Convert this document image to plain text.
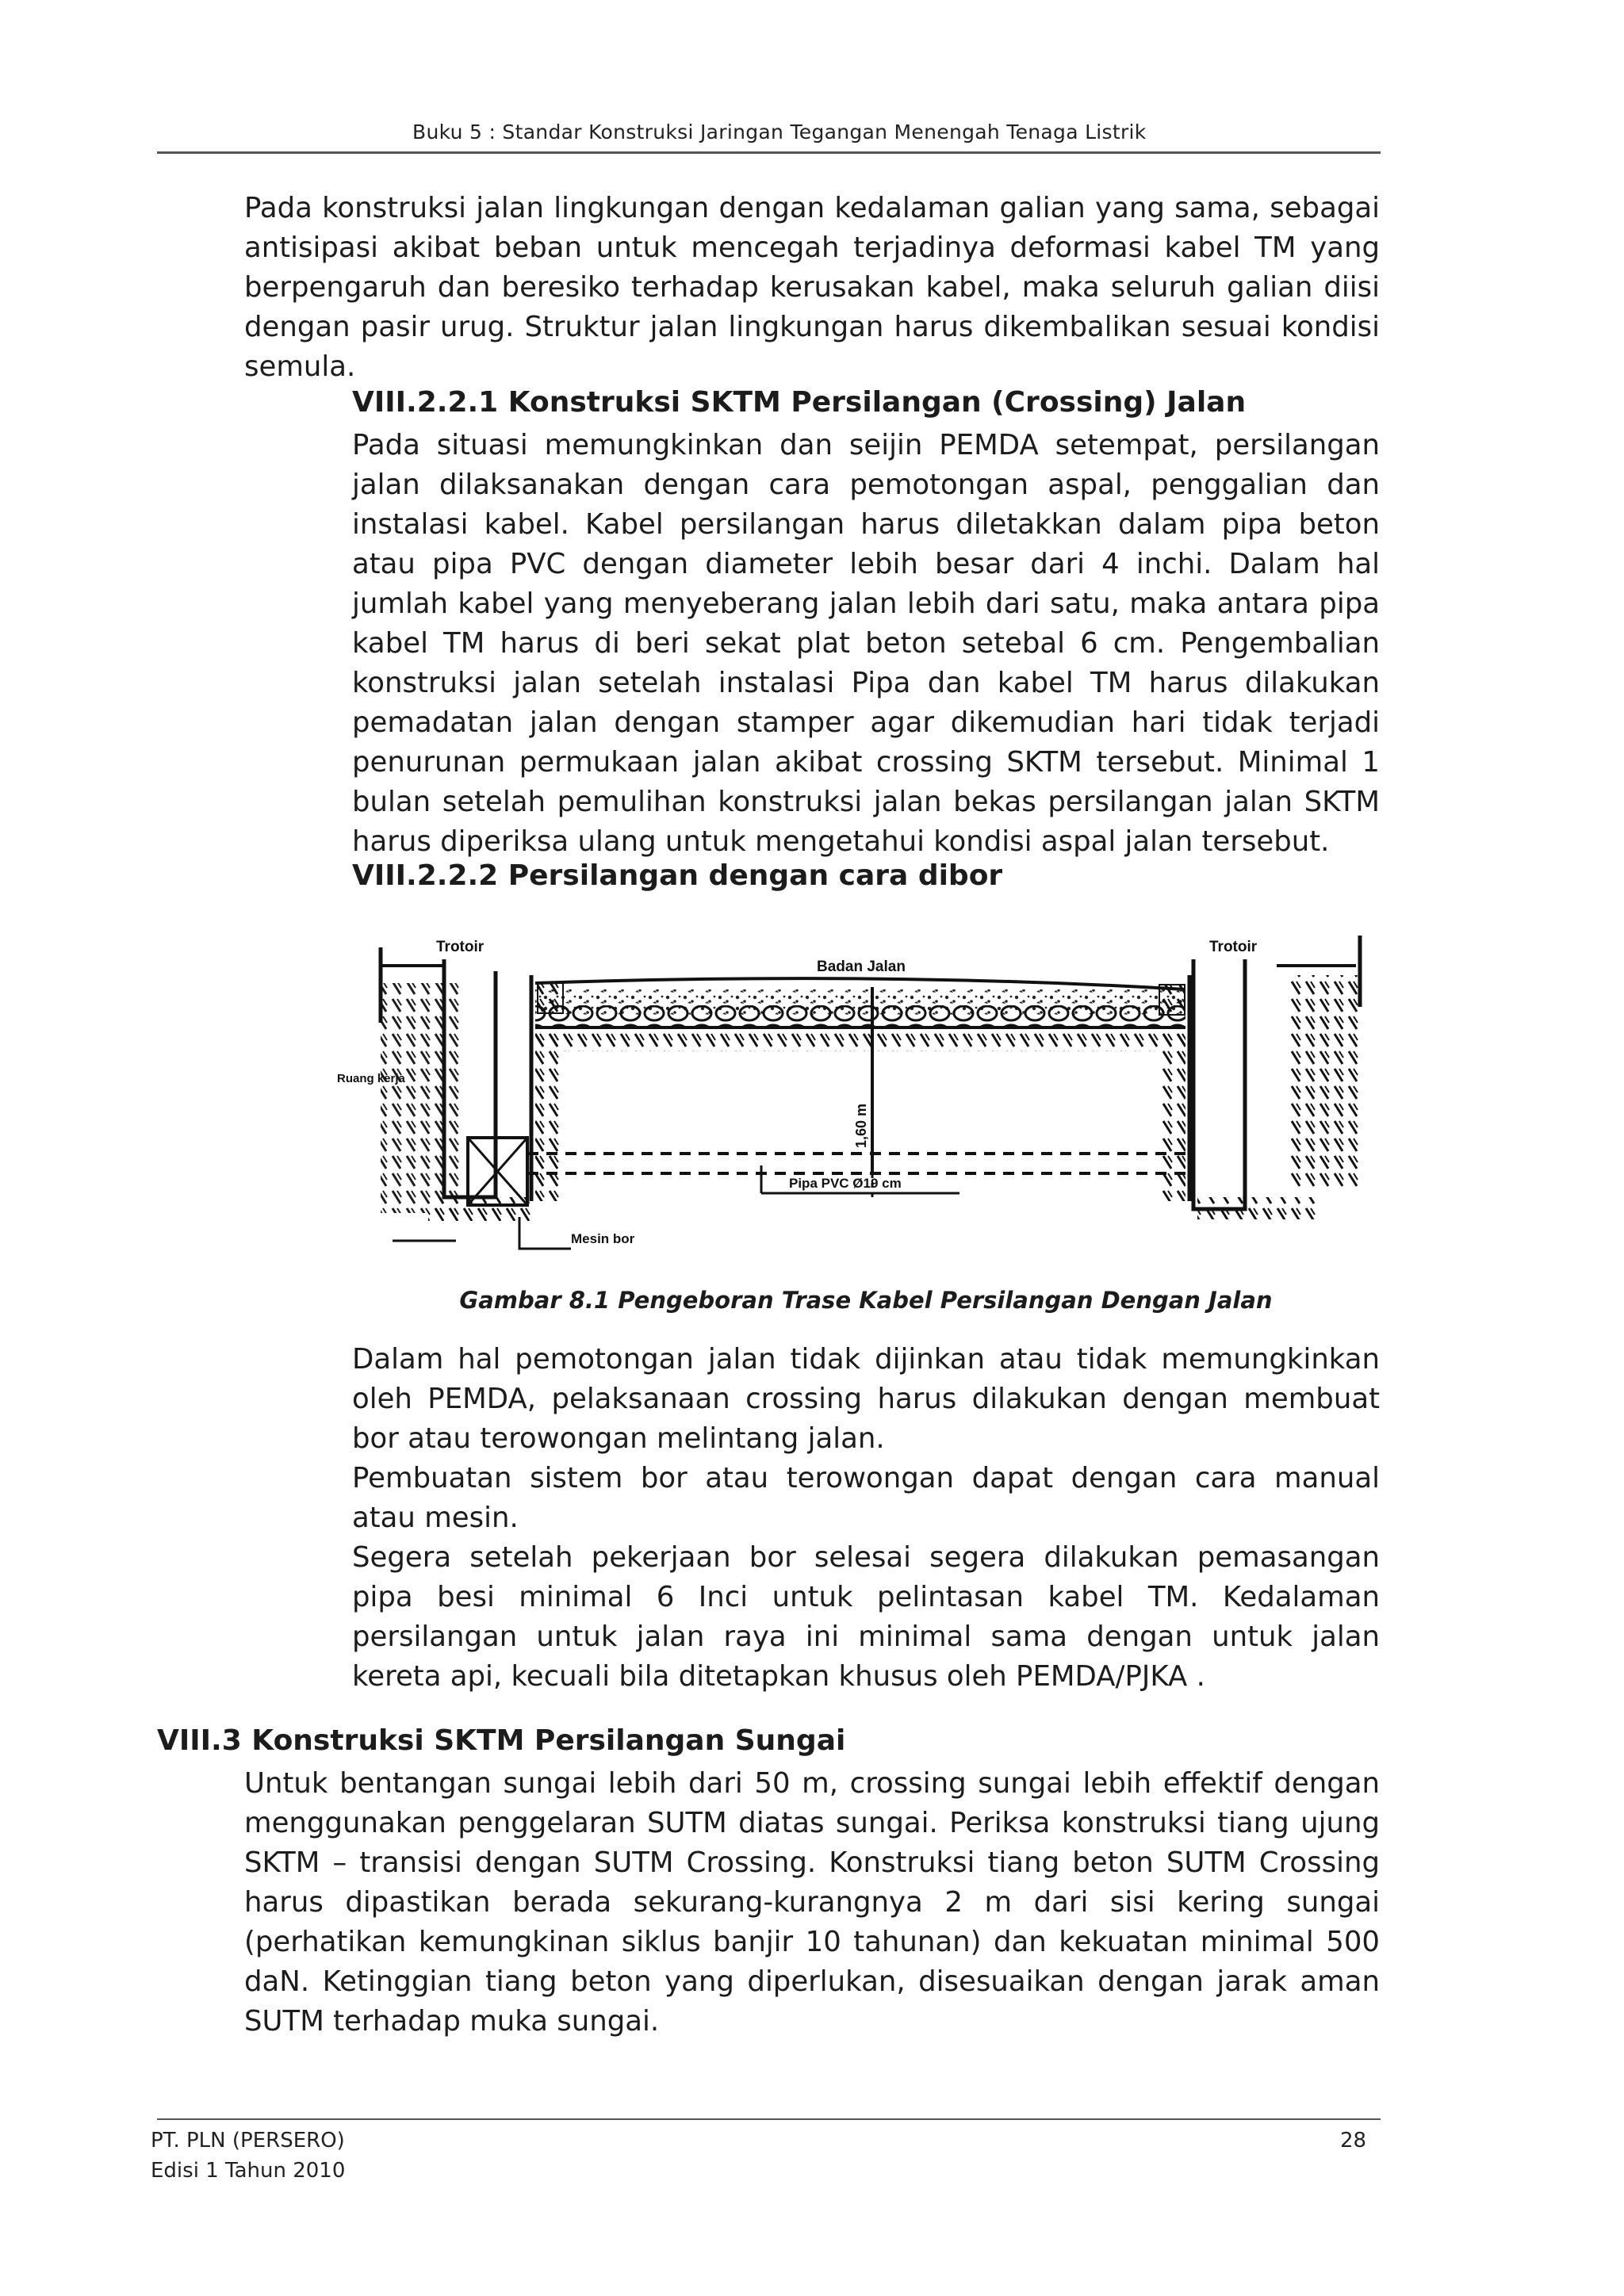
Buku 5 : Standar Konstruksi Jaringan Tegangan Menengah Tenaga Listrik
Pada konstruksi jalan lingkungan dengan kedalaman galian yang sama, sebagai antisipasi akibat beban untuk mencegah terjadinya deformasi kabel TM yang berpengaruh dan beresiko terhadap kerusakan kabel, maka seluruh galian diisi dengan pasir urug. Struktur jalan lingkungan harus dikembalikan sesuai kondisi semula.
VIII.2.2.1 Konstruksi SKTM Persilangan (Crossing) Jalan
Pada situasi memungkinkan dan seijin PEMDA setempat, persilangan jalan dilaksanakan dengan cara pemotongan aspal, penggalian dan instalasi kabel. Kabel persilangan harus diletakkan dalam pipa beton atau pipa PVC dengan diameter lebih besar dari 4 inchi. Dalam hal jumlah kabel yang menyeberang jalan lebih dari satu, maka antara pipa kabel TM harus di beri sekat plat beton setebal 6 cm. Pengembalian konstruksi jalan setelah instalasi Pipa dan kabel TM harus dilakukan pemadatan jalan dengan stamper agar dikemudian hari tidak terjadi penurunan permukaan jalan akibat crossing SKTM tersebut. Minimal 1 bulan setelah pemulihan konstruksi jalan bekas persilangan jalan SKTM harus diperiksa ulang untuk mengetahui kondisi aspal jalan tersebut.
VIII.2.2.2 Persilangan dengan cara dibor
Trotoir
Badan Jalan
Trotoir
Ruang kerja
1,60 m
Pipa PVC Ø19 cm
Mesin bor
Gambar 8.1 Pengeboran Trase Kabel Persilangan Dengan Jalan
Dalam hal pemotongan jalan tidak dijinkan atau tidak memungkinkan oleh PEMDA, pelaksanaan crossing harus dilakukan dengan membuat bor atau terowongan melintang jalan.
Pembuatan sistem bor atau terowongan dapat dengan cara manual atau mesin.
Segera setelah pekerjaan bor selesai segera dilakukan pemasangan pipa besi minimal 6 Inci untuk pelintasan kabel TM. Kedalaman persilangan untuk jalan raya ini minimal sama dengan untuk jalan kereta api, kecuali bila ditetapkan khusus oleh PEMDA/PJKA .
VIII.3 Konstruksi SKTM Persilangan Sungai
Untuk bentangan sungai lebih dari 50 m, crossing sungai lebih effektif dengan menggunakan penggelaran SUTM diatas sungai. Periksa konstruksi tiang ujung SKTM – transisi dengan SUTM Crossing. Konstruksi tiang beton SUTM Crossing harus dipastikan berada sekurang-kurangnya 2 m dari sisi kering sungai (perhatikan kemungkinan siklus banjir 10 tahunan) dan kekuatan minimal 500 daN. Ketinggian tiang beton yang diperlukan, disesuaikan dengan jarak aman SUTM terhadap muka sungai.
PT. PLN (PERSERO)
Edisi 1 Tahun 2010
28
